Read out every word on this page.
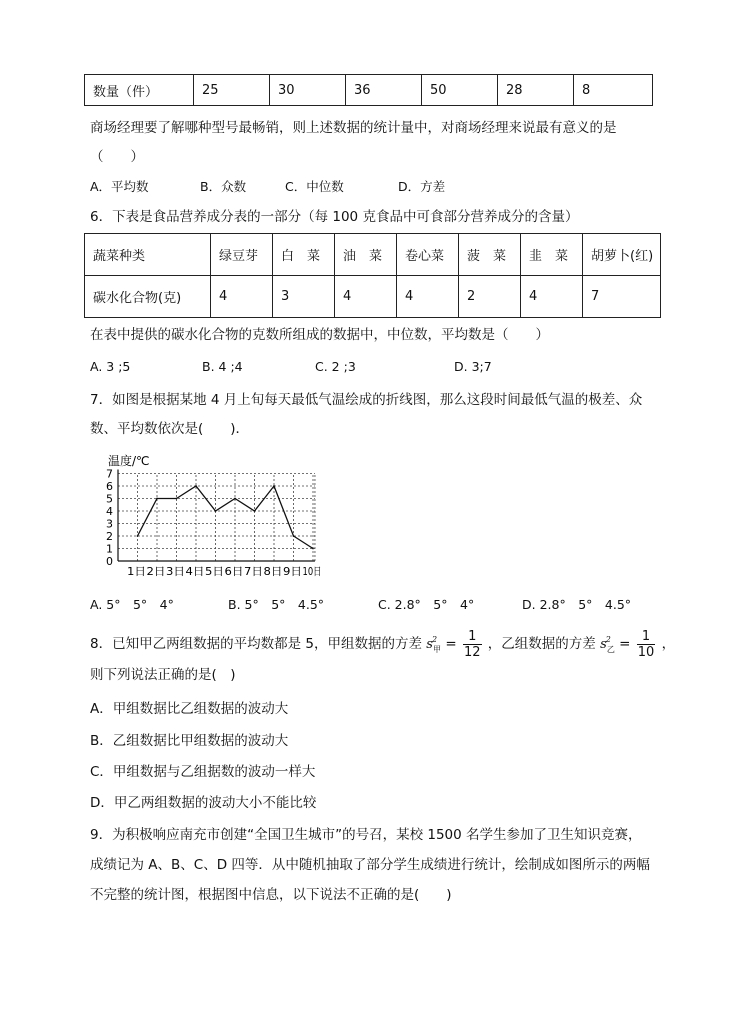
数量（件）	25	30	36	50	28	8
商场经理要了解哪种型号最畅销，则上述数据的统计量中，对商场经理来说最有意义的是
（　　）
A．平均数	B．众数	C．中位数	D．方差
6．下表是食品营养成分表的一部分（每 100 克食品中可食部分营养成分的含量）
蔬菜种类	绿豆芽	白　菜	油　菜	卷心菜	菠　菜	韭　菜	胡萝卜(红)
碳水化合物(克)	4	3	4	4	2	4	7
在表中提供的碳水化合物的克数所组成的数据中，中位数，平均数是（　　）
A. 3 ;5	B. 4 ;4	C. 2 ;3	D. 3;7
7．如图是根据某地 4 月上旬每天最低气温绘成的折线图，那么这段时间最低气温的极差、众
数、平均数依次是(　　)．
温度/℃
0
1
2
3
4
5
6
7
1日 2日 3日 4日 5日 6日 7日 8日 9日 10日
A. 5°　5°　4°	B. 5°　5°　4.5°	C. 2.8°　5°　4°	D. 2.8°　5°　4.5°
8．已知甲乙两组数据的平均数都是 5，甲组数据的方差 $s^2_甲 = \frac{1}{12}$ ，乙组数据的方差 $s^2_乙 = \frac{1}{10}$ ，
则下列说法正确的是(　)
A．甲组数据比乙组数据的波动大
B．乙组数据比甲组数据的波动大
C．甲组数据与乙组据数的波动一样大
D．甲乙两组数据的波动大小不能比较
9．为积极响应南充市创建“全国卫生城市”的号召，某校 1500 名学生参加了卫生知识竞赛，
成绩记为 A、B、C、D 四等．从中随机抽取了部分学生成绩进行统计，绘制成如图所示的两幅
不完整的统计图，根据图中信息，以下说法不正确的是(　　)
